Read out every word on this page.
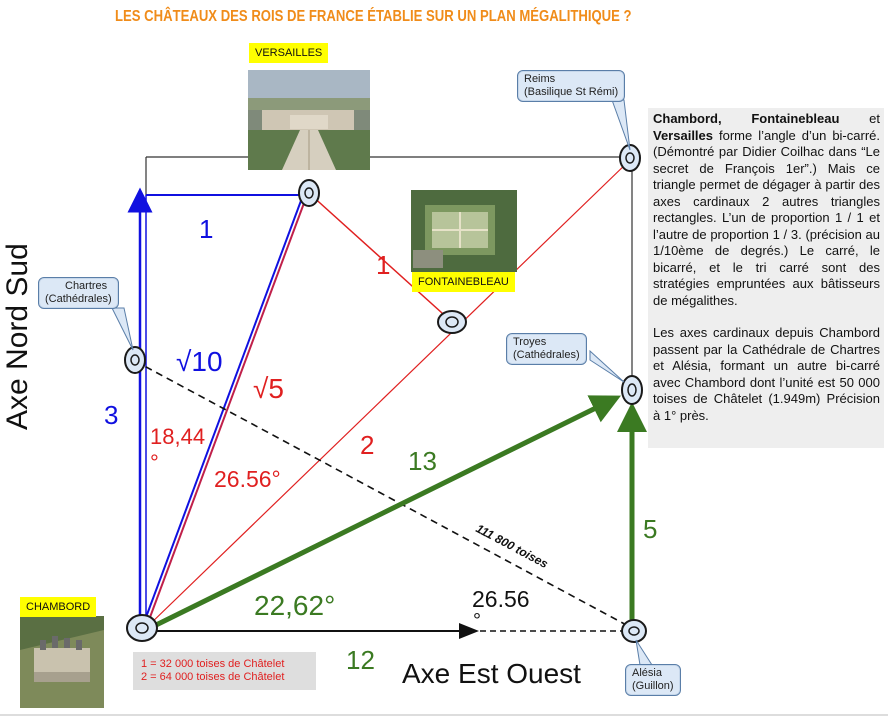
111 800 toises
LES CHÂTEAUX DES ROIS DE FRANCE ÉTABLIE SUR UN PLAN MÉGALITHIQUE ?
VERSAILLES
FONTAINEBLEAU
CHAMBORD
Reims
(Basilique St Rémi)
Chartres
(Cathédrales)
Troyes
(Cathédrales)
Alésia
(Guillon)
Axe Nord Sud
Axe Est Ouest
1
3
√10
√5
1
2
18,44
°
26.56°
13
5
12
22,62°	26.56
°
1 = 32 000 toises de Châtelet
2 = 64 000 toises de Châtelet

Chambord, Fontainebleau et Versailles forme l’angle d’un bi-carré. (Démontré par Didier Coilhac dans “Le secret de François 1er”.) Mais ce triangle permet de dégager à partir des axes cardinaux 2 autres triangles rectangles. L’un de proportion 1 / 1 et l’autre de proportion 1 / 3. (précision au 1/10ème de degrés.) Le carré, le bicarré, et le tri carré sont des stratégies empruntées aux bâtisseurs de mégalithes.

Les axes cardinaux depuis Chambord passent par la Cathédrale de Chartres et Alésia, formant un autre bi-carré avec Chambord dont l’unité est 50 000 toises de Châtelet (1.949m) Précision à 1° près.
